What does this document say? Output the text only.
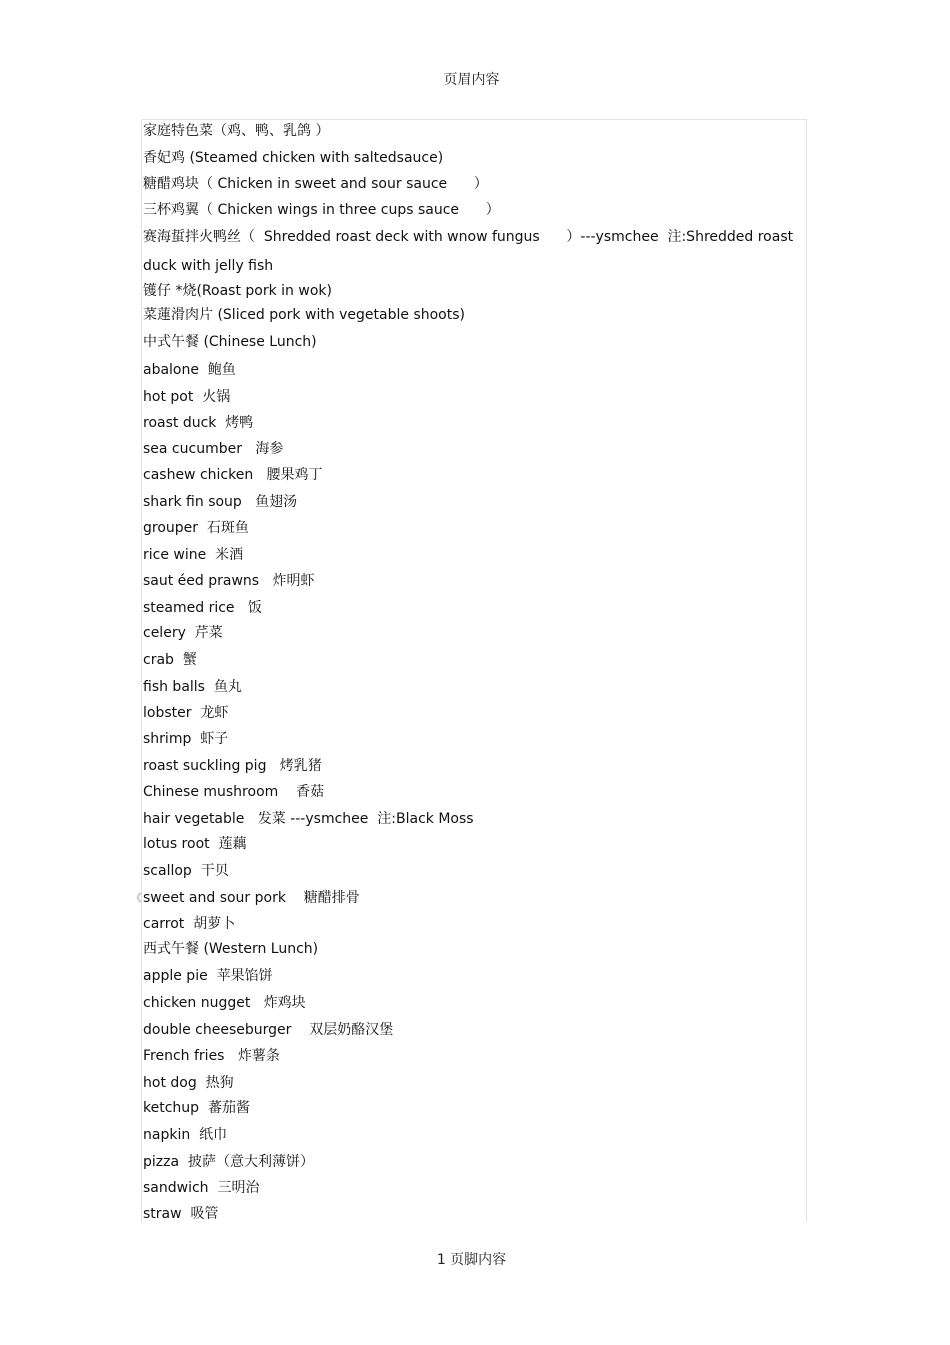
页眉内容
❮
家庭特色菜（鸡、鸭、乳鸽 ）
香妃鸡 (Steamed chicken with saltedsauce)
糖醋鸡块（ Chicken in sweet and sour sauce      ）
三杯鸡翼（ Chicken wings in three cups sauce      ）
赛海蜇拌火鸭丝（  Shredded roast deck with wnow fungus      ）---ysmchee  注:Shredded roast
duck with jelly fish
镬仔 *烧(Roast pork in wok)
菜蓮滑肉片 (Sliced pork with vegetable shoots)
中式午餐 (Chinese Lunch)
abalone  鲍鱼
hot pot  火锅
roast duck  烤鸭
sea cucumber   海参
cashew chicken   腰果鸡丁
shark fin soup   鱼翅汤
grouper  石斑鱼
rice wine  米酒
saut éed prawns   炸明虾
steamed rice   饭
celery  芹菜
crab  蟹
fish balls  鱼丸
lobster  龙虾
shrimp  虾子
roast suckling pig   烤乳猪
Chinese mushroom    香菇
hair vegetable   发菜 ---ysmchee  注:Black Moss
lotus root  莲藕
scallop  干贝
sweet and sour pork    糖醋排骨
carrot  胡萝卜
西式午餐 (Western Lunch)
apple pie  苹果馅饼
chicken nugget   炸鸡块
double cheeseburger    双层奶酪汉堡
French fries   炸薯条
hot dog  热狗
ketchup  蕃茄酱
napkin  纸巾
pizza  披萨（意大利薄饼）
sandwich  三明治
straw  吸管
1 页脚内容
